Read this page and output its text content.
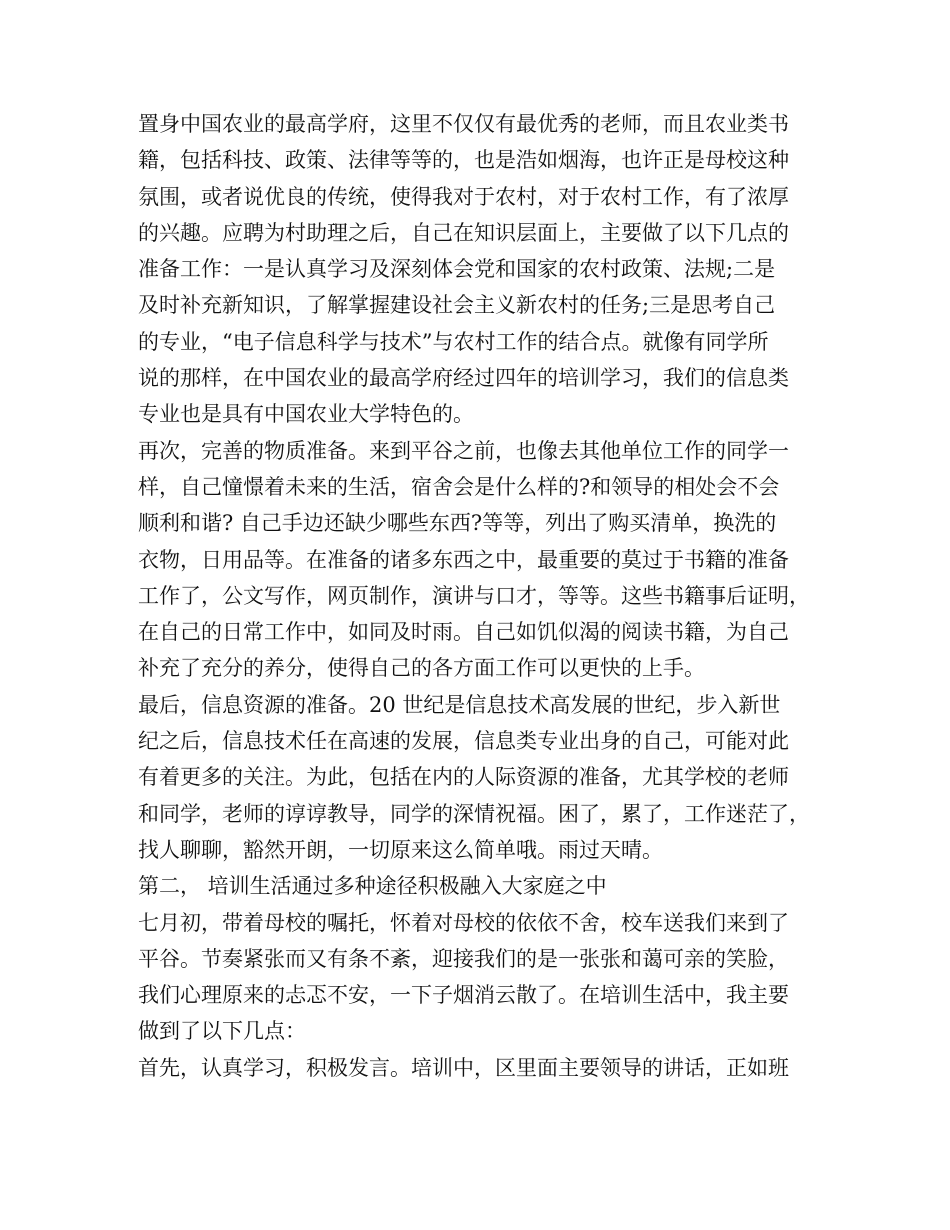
置身中国农业的最高学府，这里不仅仅有最优秀的老师，而且农业类书
籍，包括科技、政策、法律等等的，也是浩如烟海，也许正是母校这种
氛围，或者说优良的传统，使得我对于农村，对于农村工作，有了浓厚
的兴趣。应聘为村助理之后，自己在知识层面上，主要做了以下几点的
准备工作：一是认真学习及深刻体会党和国家的农村政策、法规;二是
及时补充新知识，了解掌握建设社会主义新农村的任务;三是思考自己
的专业，“电子信息科学与技术”与农村工作的结合点。就像有同学所
说的那样，在中国农业的最高学府经过四年的培训学习，我们的信息类
专业也是具有中国农业大学特色的。
再次，完善的物质准备。来到平谷之前，也像去其他单位工作的同学一
样，自己憧憬着未来的生活，宿舍会是什么样的?和领导的相处会不会
顺利和谐? 自己手边还缺少哪些东西?等等，列出了购买清单，换洗的
衣物，日用品等。在准备的诸多东西之中，最重要的莫过于书籍的准备
工作了，公文写作，网页制作，演讲与口才，等等。这些书籍事后证明，
在自己的日常工作中，如同及时雨。自己如饥似渴的阅读书籍，为自己
补充了充分的养分，使得自己的各方面工作可以更快的上手。
最后，信息资源的准备。20 世纪是信息技术高发展的世纪，步入新世
纪之后，信息技术任在高速的发展，信息类专业出身的自己，可能对此
有着更多的关注。为此，包括在内的人际资源的准备，尤其学校的老师
和同学，老师的谆谆教导，同学的深情祝福。困了，累了，工作迷茫了，
找人聊聊，豁然开朗，一切原来这么简单哦。雨过天晴。
第二， 培训生活通过多种途径积极融入大家庭之中
七月初，带着母校的嘱托，怀着对母校的依依不舍，校车送我们来到了
平谷。节奏紧张而又有条不紊，迎接我们的是一张张和蔼可亲的笑脸，
我们心理原来的忐忑不安，一下子烟消云散了。在培训生活中，我主要
做到了以下几点：
首先，认真学习，积极发言。培训中，区里面主要领导的讲话，正如班
